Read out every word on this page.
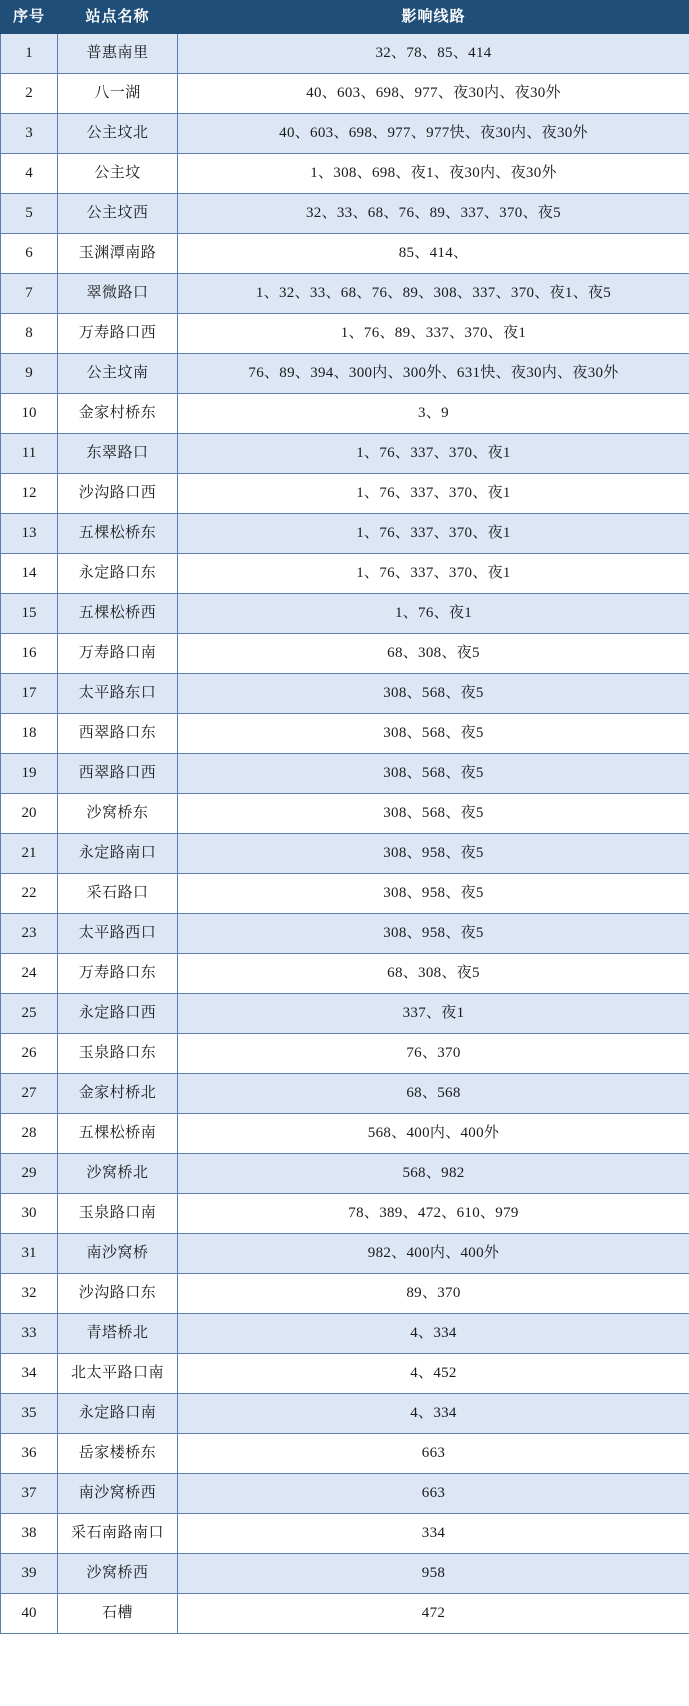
序号	站点名称	影响线路
1	普惠南里	32、78、85、414
2	八一湖	40、603、698、977、夜30内、夜30外
3	公主坟北	40、603、698、977、977快、夜30内、夜30外
4	公主坟	1、308、698、夜1、夜30内、夜30外
5	公主坟西	32、33、68、76、89、337、370、夜5
6	玉渊潭南路	85、414、
7	翠微路口	1、32、33、68、76、89、308、337、370、夜1、夜5
8	万寿路口西	1、76、89、337、370、夜1
9	公主坟南	76、89、394、300内、300外、631快、夜30内、夜30外
10	金家村桥东	3、9
11	东翠路口	1、76、337、370、夜1
12	沙沟路口西	1、76、337、370、夜1
13	五棵松桥东	1、76、337、370、夜1
14	永定路口东	1、76、337、370、夜1
15	五棵松桥西	1、76、夜1
16	万寿路口南	68、308、夜5
17	太平路东口	308、568、夜5
18	西翠路口东	308、568、夜5
19	西翠路口西	308、568、夜5
20	沙窝桥东	308、568、夜5
21	永定路南口	308、958、夜5
22	采石路口	308、958、夜5
23	太平路西口	308、958、夜5
24	万寿路口东	68、308、夜5
25	永定路口西	337、夜1
26	玉泉路口东	76、370
27	金家村桥北	68、568
28	五棵松桥南	568、400内、400外
29	沙窝桥北	568、982
30	玉泉路口南	78、389、472、610、979
31	南沙窝桥	982、400内、400外
32	沙沟路口东	89、370
33	青塔桥北	4、334
34	北太平路口南	4、452
35	永定路口南	4、334
36	岳家楼桥东	663
37	南沙窝桥西	663
38	采石南路南口	334
39	沙窝桥西	958
40	石槽	472
